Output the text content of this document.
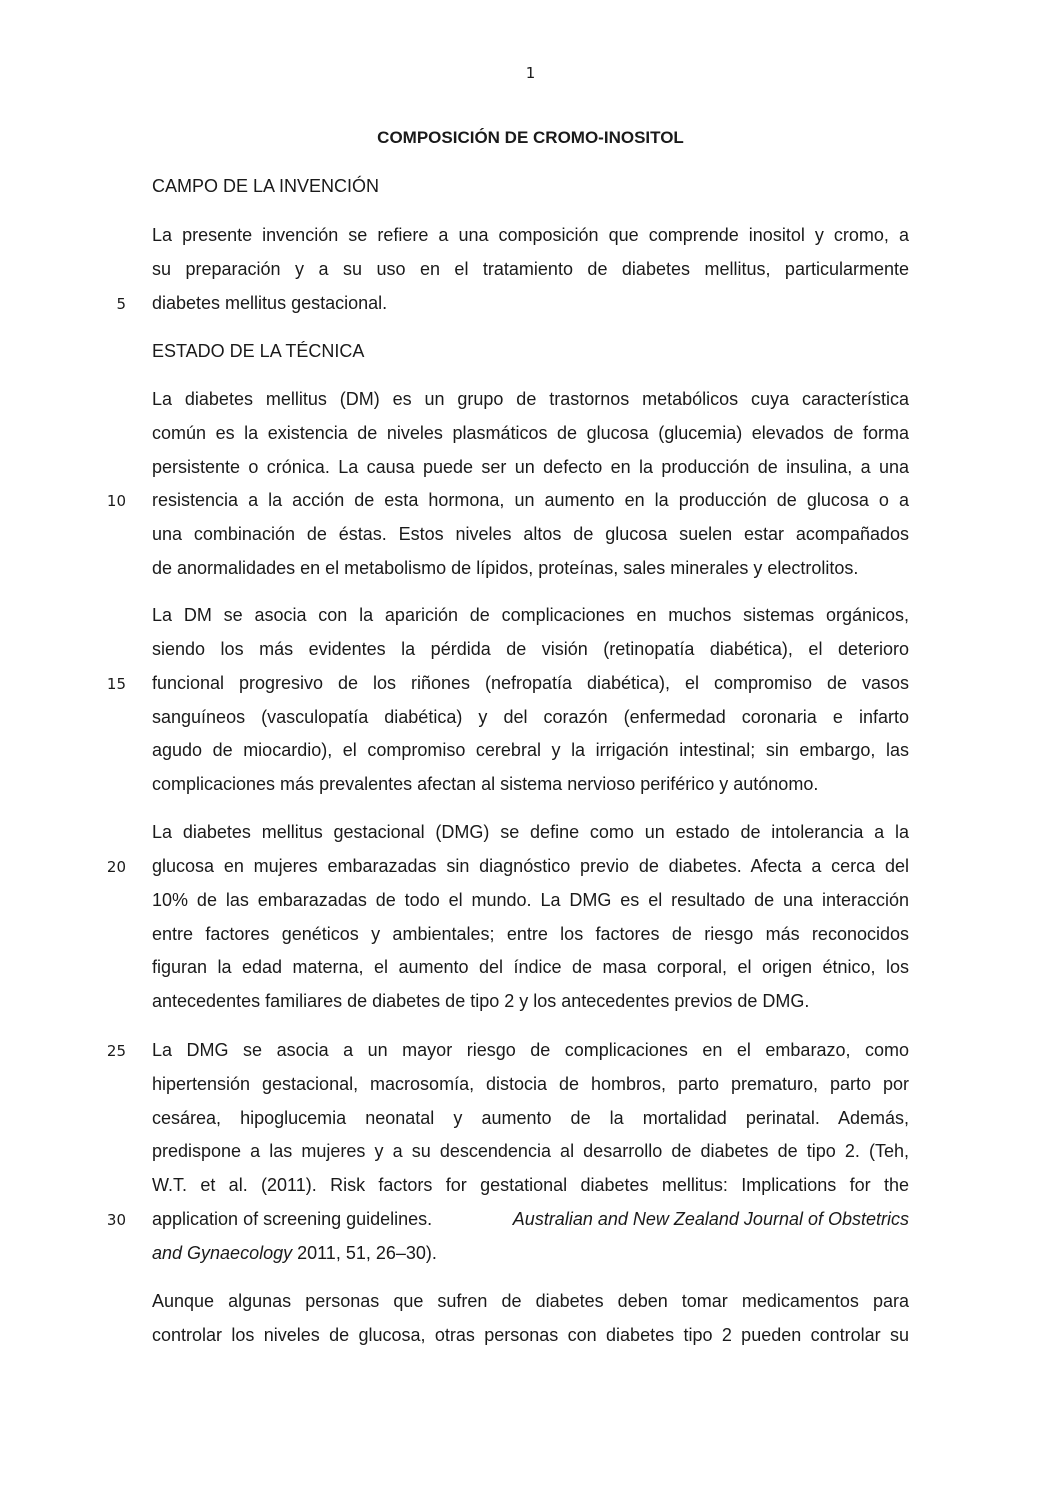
1
COMPOSICIÓN DE CROMO-INOSITOL
CAMPO DE LA INVENCIÓN
La presente invención se refiere a una composición que comprende inositol y cromo, a
su preparación y a su uso en el tratamiento de diabetes mellitus, particularmente
diabetes mellitus gestacional.
5
ESTADO DE LA TÉCNICA
La diabetes mellitus (DM) es un grupo de trastornos metabólicos cuya característica
común es la existencia de niveles plasmáticos de glucosa (glucemia) elevados de forma
persistente o crónica. La causa puede ser un defecto en la producción de insulina, a una
resistencia a la acción de esta hormona, un aumento en la producción de glucosa o a
10
una combinación de éstas. Estos niveles altos de glucosa suelen estar acompañados
de anormalidades en el metabolismo de lípidos, proteínas, sales minerales y electrolitos.
La DM se asocia con la aparición de complicaciones en muchos sistemas orgánicos,
siendo los más evidentes la pérdida de visión (retinopatía diabética), el deterioro
funcional progresivo de los riñones (nefropatía diabética), el compromiso de vasos
15
sanguíneos (vasculopatía diabética) y del corazón (enfermedad coronaria e infarto
agudo de miocardio), el compromiso cerebral y la irrigación intestinal; sin embargo, las
complicaciones más prevalentes afectan al sistema nervioso periférico y autónomo.
La diabetes mellitus gestacional (DMG) se define como un estado de intolerancia a la
glucosa en mujeres embarazadas sin diagnóstico previo de diabetes. Afecta a cerca del
20
10% de las embarazadas de todo el mundo. La DMG es el resultado de una interacción
entre factores genéticos y ambientales; entre los factores de riesgo más reconocidos
figuran la edad materna, el aumento del índice de masa corporal, el origen étnico, los
antecedentes familiares de diabetes de tipo 2 y los antecedentes previos de DMG.
La DMG se asocia a un mayor riesgo de complicaciones en el embarazo, como
25
hipertensión gestacional, macrosomía, distocia de hombros, parto prematuro, parto por
cesárea, hipoglucemia neonatal y aumento de la mortalidad perinatal. Además,
predispone a las mujeres y a su descendencia al desarrollo de diabetes de tipo 2. (Teh,
W.T. et al. (2011). Risk factors for gestational diabetes mellitus: Implications for the
application of screening guidelines.	Australian and New Zealand Journal of Obstetrics
30
and Gynaecology 2011, 51, 26–30).
Aunque algunas personas que sufren de diabetes deben tomar medicamentos para
controlar los niveles de glucosa, otras personas con diabetes tipo 2 pueden controlar su
